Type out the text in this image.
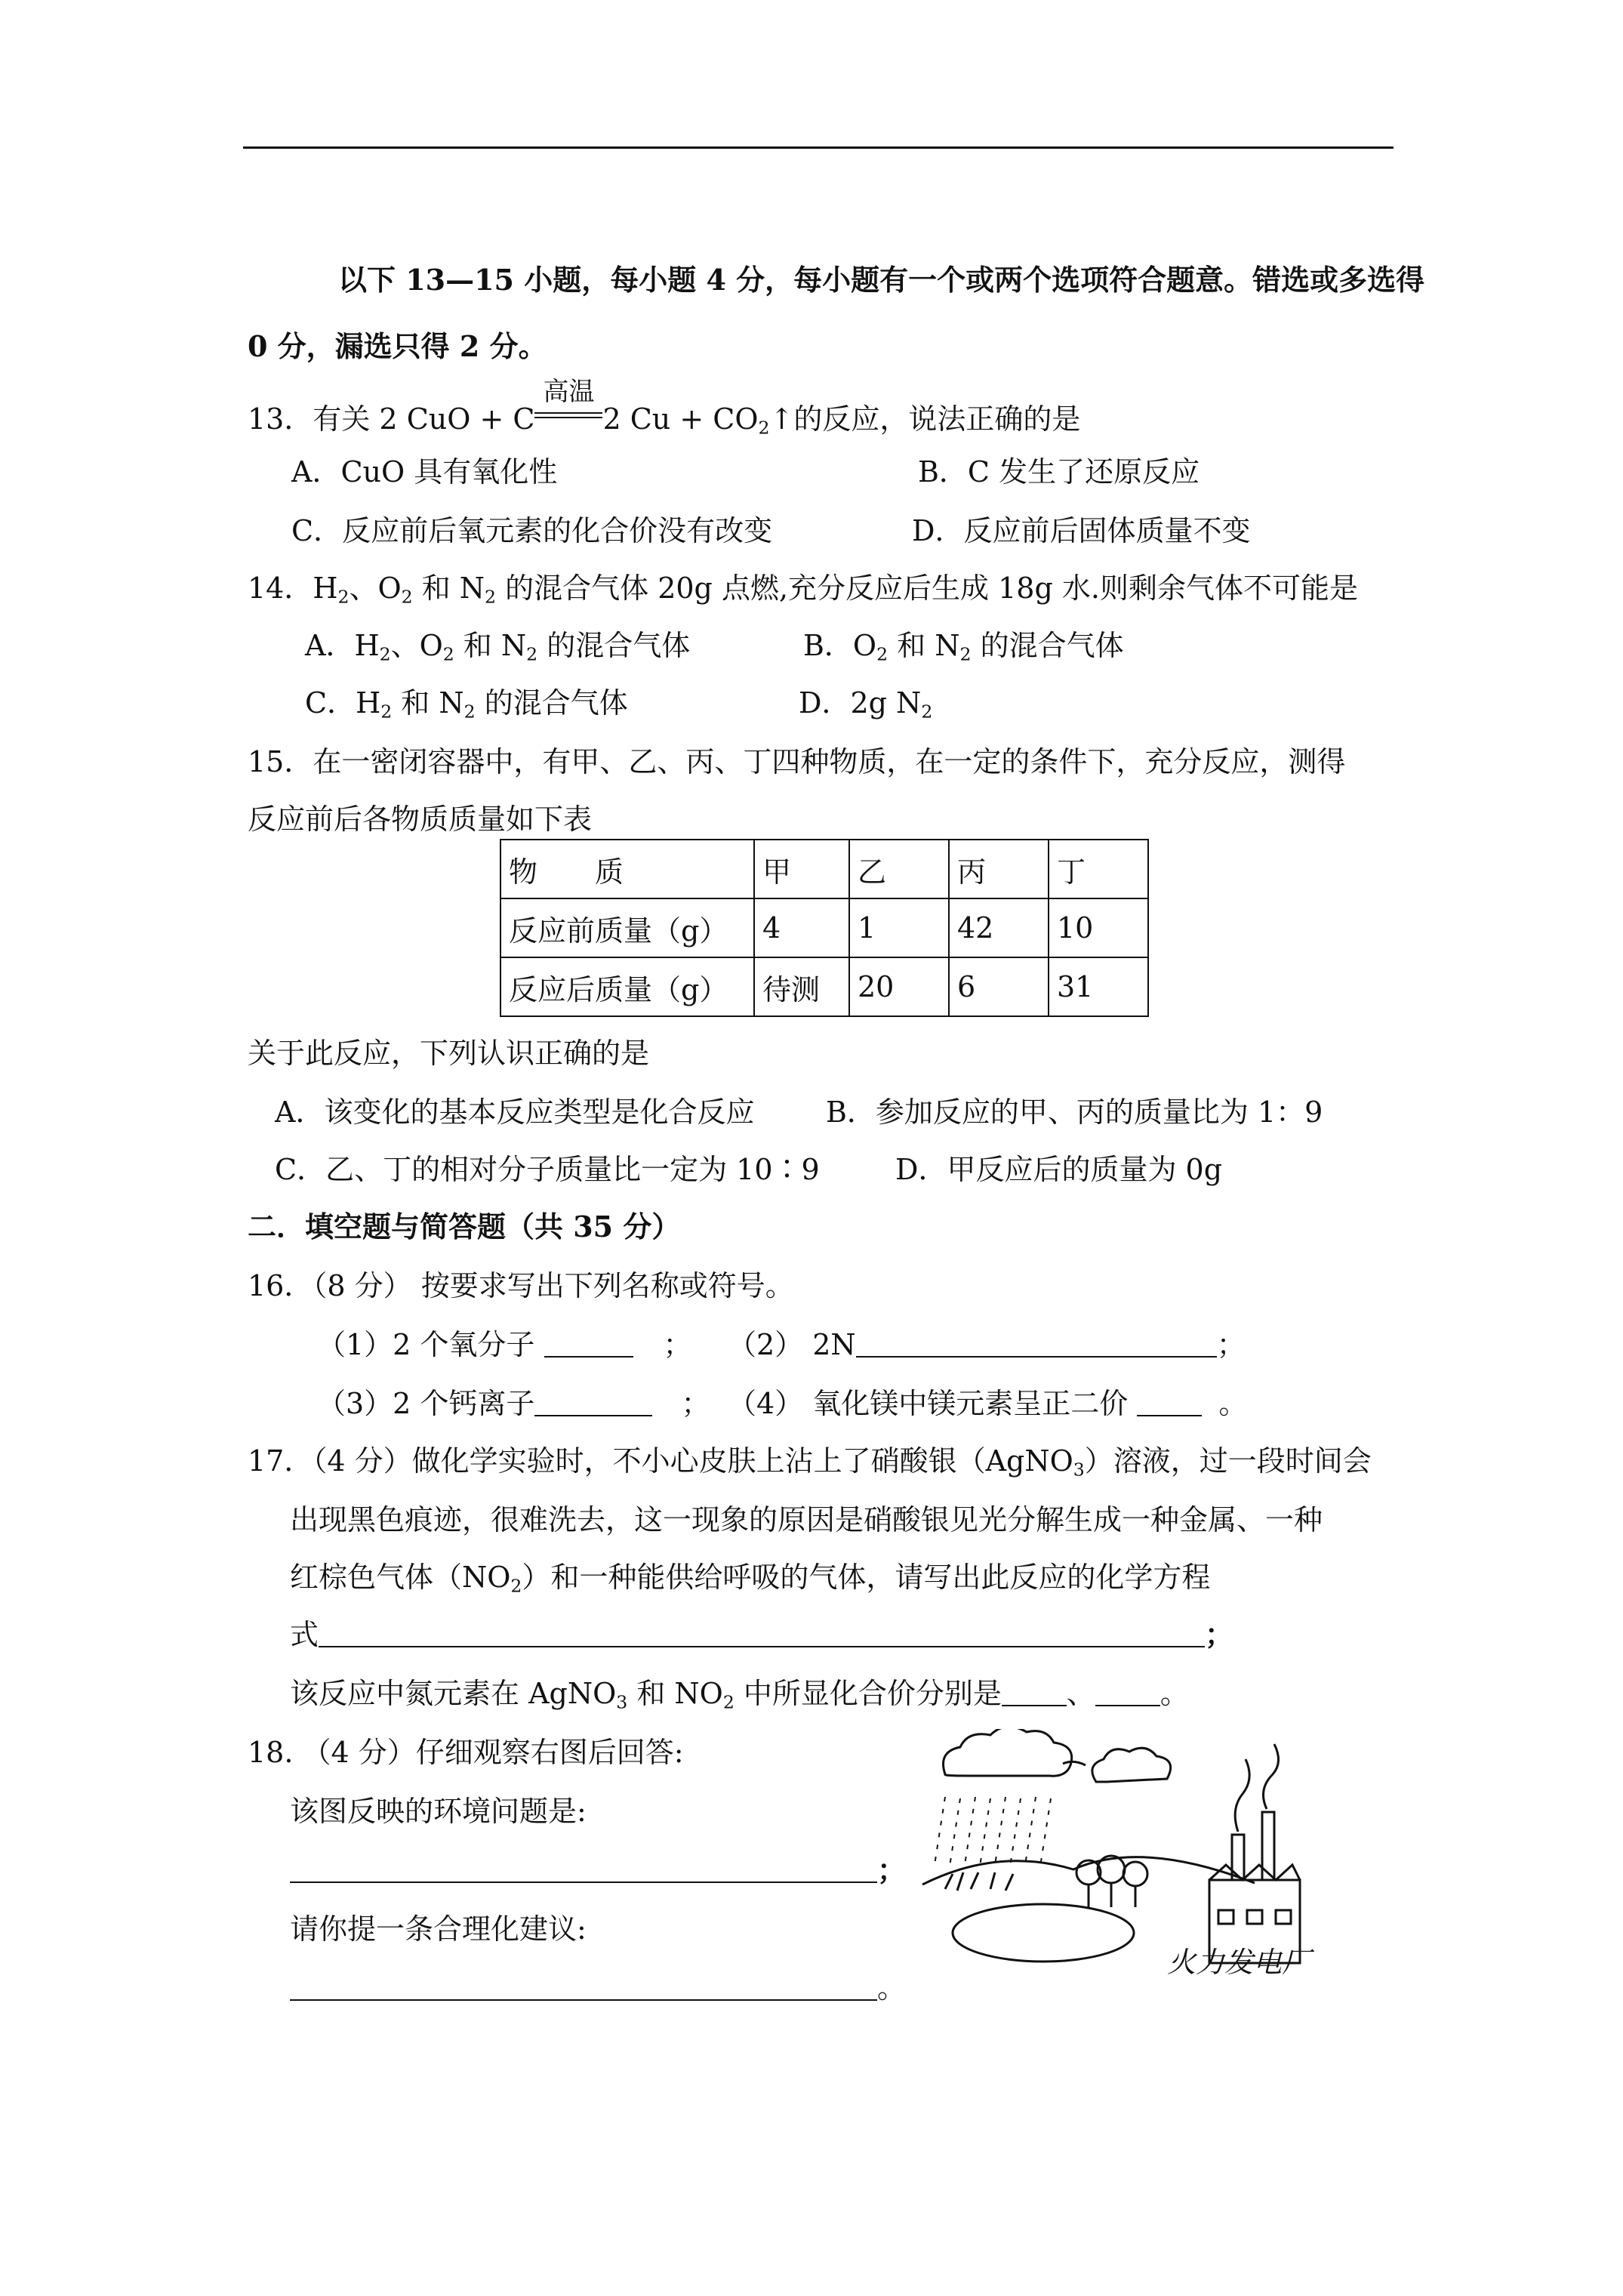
以下 13—15 小题，每小题 4 分，每小题有一个或两个选项符合题意。错选或多选得
0 分，漏选只得 2 分。
13．有关 2 CuO + C
高温
2 $Cu + CO_2↑$的反应，说法正确的是
A．CuO 具有氧化性	B．C 发生了还原反应
C．反应前后氧元素的化合价没有改变	D．反应前后固体质量不变
14．$H_2$、$O_2$ 和 $N_2$ 的混合气体 20g 点燃,充分反应后生成 18g 水.则剩余气体不可能是
A．$H_2$、$O_2$ 和 $N_2$ 的混合气体	B．$O_2$ 和 $N_2$ 的混合气体
C．$H_2$ 和 $N_2$ 的混合气体	D．2g $N_2$
15．在一密闭容器中，有甲、乙、丙、丁四种物质，在一定的条件下，充分反应，测得
反应前后各物质质量如下表
物　　质	甲	乙	丙	丁
反应前质量（g）	4	1	42	10
反应后质量（g）	待测	20	6	31
关于此反应，下列认识正确的是
A．该变化的基本反应类型是化合反应 B．参加反应的甲、丙的质量比为 1：9
C．乙、丁的相对分子质量比一定为 10∶9	D．甲反应后的质量为 0g
二．填空题与简答题（共 35 分）
16．（8 分） 按要求写出下列名称或符号。
（1）2 个氧分子	； （2） 2N	；
（3）2 个钙离子	； （4） 氧化镁中镁元素呈正二价	。
17．（4 分）做化学实验时，不小心皮肤上沾上了硝酸银（AgNO$_3$）溶液，过一段时间会
出现黑色痕迹，很难洗去，这一现象的原因是硝酸银见光分解生成一种金属、一种
红棕色气体$(NO_2)$和一种能供给呼吸的气体，请写出此反应的化学方程
式	；
该反应中氮元素在 AgNO$_3$ 和 $NO_2$ 中所显化合价分别是 、 。
18. （4 分）仔细观察右图后回答:
该图反映的环境问题是:
；
请你提一条合理化建议:
。
火力发电厂
